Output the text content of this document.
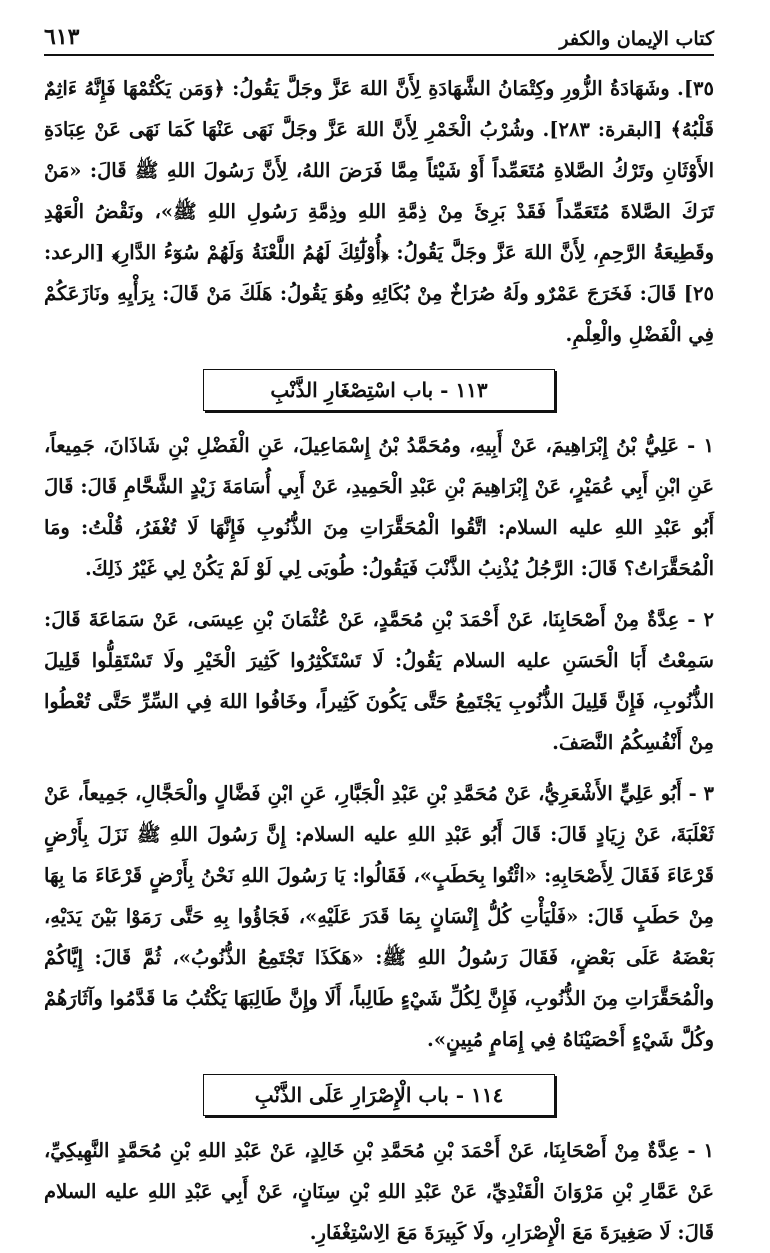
كتاب الإيمان والكفر
٦١٣

٣٥]. وشَهَادَةُ الزُّورِ وكِتْمَانُ الشَّهَادَةِ لِأَنَّ اللهَ عَزَّ وجَلَّ يَقُولُ: ﴿وَمَن يَكْتُمْهَا فَإِنَّهُ ءَاثِمٌ قَلْبُهُ﴾ [البقرة: ٢٨٣]. وشُرْبُ الْخَمْرِ لِأَنَّ اللهَ عَزَّ وجَلَّ نَهَى عَنْهَا كَمَا نَهَى عَنْ عِبَادَةِ الأَوْثَانِ وتَرْكُ الصَّلاةِ مُتَعَمِّداً أَوْ شَيْئاً مِمَّا فَرَضَ اللهُ، لِأَنَّ رَسُولَ اللهِ ﷺ قَالَ: «مَنْ تَرَكَ الصَّلاةَ مُتَعَمِّداً فَقَدْ بَرِئَ مِنْ ذِمَّةِ اللهِ وذِمَّةِ رَسُولِ اللهِ ﷺ»، ونَقْضُ الْعَهْدِ وقَطِيعَةُ الرَّحِمِ، لِأَنَّ اللهَ عَزَّ وجَلَّ يَقُولُ: ﴿أُوْلَٰٓئِكَ لَهُمُ اللَّعْنَةُ وَلَهُمْ سُوٓءُ الدَّارِ﴾ [الرعد: ٢٥] قَالَ: فَخَرَجَ عَمْرٌو ولَهُ صُرَاخٌ مِنْ بُكَائِهِ وهُوَ يَقُولُ: هَلَكَ مَنْ قَالَ: بِرَأْيِهِ ونَازَعَكُمْ فِي الْفَضْلِ والْعِلْمِ.

١١٣ - باب اسْتِصْغَارِ الذَّنْبِ

١ - عَلِيُّ بْنُ إِبْرَاهِيمَ، عَنْ أَبِيهِ، ومُحَمَّدُ بْنُ إِسْمَاعِيلَ، عَنِ الْفَضْلِ بْنِ شَاذَانَ، جَمِيعاً، عَنِ ابْنِ أَبِي عُمَيْرٍ، عَنْ إِبْرَاهِيمَ بْنِ عَبْدِ الْحَمِيدِ، عَنْ أَبِي أُسَامَةَ زَيْدٍ الشَّحَّامِ قَالَ: قَالَ أَبُو عَبْدِ اللهِ عليه السلام: اتَّقُوا الْمُحَقَّرَاتِ مِنَ الذُّنُوبِ فَإِنَّهَا لَا تُغْفَرُ، قُلْتُ: ومَا الْمُحَقَّرَاتُ؟ قَالَ: الرَّجُلُ يُذْنِبُ الذَّنْبَ فَيَقُولُ: طُوبَى لِي لَوْ لَمْ يَكُنْ لِي غَيْرُ ذَلِكَ.

٢ - عِدَّةٌ مِنْ أَصْحَابِنَا، عَنْ أَحْمَدَ بْنِ مُحَمَّدٍ، عَنْ عُثْمَانَ بْنِ عِيسَى، عَنْ سَمَاعَةَ قَالَ: سَمِعْتُ أَبَا الْحَسَنِ عليه السلام يَقُولُ: لَا تَسْتَكْثِرُوا كَثِيرَ الْخَيْرِ ولَا تَسْتَقِلُّوا قَلِيلَ الذُّنُوبِ، فَإِنَّ قَلِيلَ الذُّنُوبِ يَجْتَمِعُ حَتَّى يَكُونَ كَثِيراً، وخَافُوا اللهَ فِي السِّرِّ حَتَّى تُعْطُوا مِنْ أَنْفُسِكُمُ النَّصَفَ.

٣ - أَبُو عَلِيٍّ الأَشْعَرِيُّ، عَنْ مُحَمَّدِ بْنِ عَبْدِ الْجَبَّارِ، عَنِ ابْنِ فَضَّالٍ والْحَجَّالِ، جَمِيعاً، عَنْ ثَعْلَبَةَ، عَنْ زِيَادٍ قَالَ: قَالَ أَبُو عَبْدِ اللهِ عليه السلام: إِنَّ رَسُولَ اللهِ ﷺ نَزَلَ بِأَرْضٍ قَرْعَاءَ فَقَالَ لِأَصْحَابِهِ: «ائْتُوا بِحَطَبٍ»، فَقَالُوا: يَا رَسُولَ اللهِ نَحْنُ بِأَرْضٍ قَرْعَاءَ مَا بِهَا مِنْ حَطَبٍ قَالَ: «فَلْيَأْتِ كُلُّ إِنْسَانٍ بِمَا قَدَرَ عَلَيْهِ»، فَجَاؤُوا بِهِ حَتَّى رَمَوْا بَيْنَ يَدَيْهِ، بَعْضَهُ عَلَى بَعْضٍ، فَقَالَ رَسُولُ اللهِ ﷺ: «هَكَذَا تَجْتَمِعُ الذُّنُوبُ»، ثُمَّ قَالَ: إِيَّاكُمْ والْمُحَقَّرَاتِ مِنَ الذُّنُوبِ، فَإِنَّ لِكُلِّ شَيْءٍ طَالِباً، أَلَا وإِنَّ طَالِبَهَا يَكْتُبُ مَا قَدَّمُوا وآثَارَهُمْ وكُلَّ شَيْءٍ أَحْصَيْنَاهُ فِي إِمَامٍ مُبِينٍ».

١١٤ - باب الْإِصْرَارِ عَلَى الذَّنْبِ

١ - عِدَّةٌ مِنْ أَصْحَابِنَا، عَنْ أَحْمَدَ بْنِ مُحَمَّدِ بْنِ خَالِدٍ، عَنْ عَبْدِ اللهِ بْنِ مُحَمَّدٍ النَّهِيكِيِّ، عَنْ عَمَّارِ بْنِ مَرْوَانَ الْقَنْدِيِّ، عَنْ عَبْدِ اللهِ بْنِ سِنَانٍ، عَنْ أَبِي عَبْدِ اللهِ عليه السلام قَالَ: لَا صَغِيرَةَ مَعَ الْإِصْرَارِ، ولَا كَبِيرَةَ مَعَ الِاسْتِغْفَارِ.
